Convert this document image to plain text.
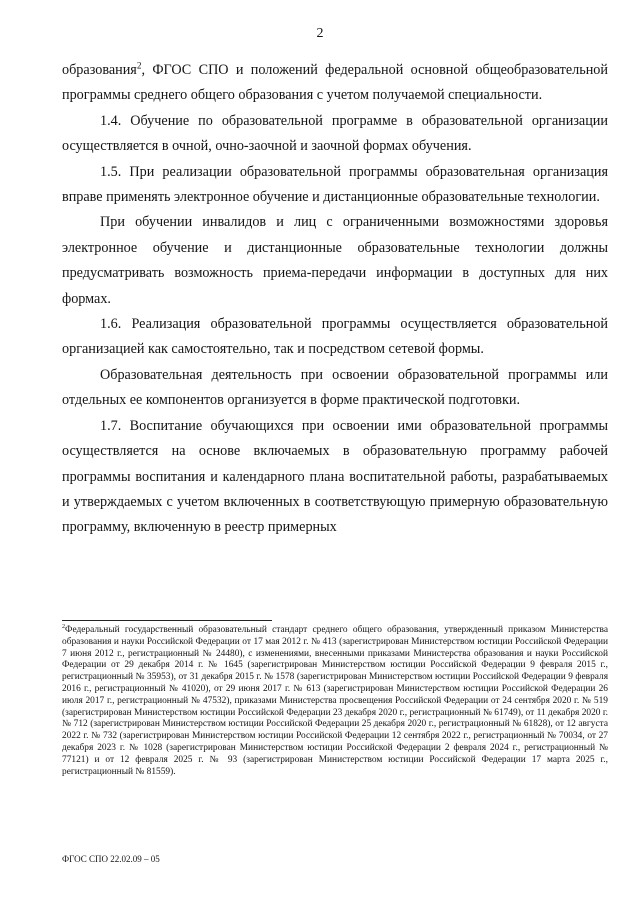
2

образования$^2$, ФГОС СПО и положений федеральной основной общеобразовательной программы среднего общего образования с учетом получаемой специальности.

1.4. Обучение по образовательной программе в образовательной организации осуществляется в очной, очно-заочной и заочной формах обучения.

1.5. При реализации образовательной программы образовательная организация вправе применять электронное обучение и дистанционные образовательные технологии.

При обучении инвалидов и лиц с ограниченными возможностями здоровья электронное обучение и дистанционные образовательные технологии должны предусматривать возможность приема-передачи информации в доступных для них формах.

1.6. Реализация образовательной программы осуществляется образовательной организацией как самостоятельно, так и посредством сетевой формы.

Образовательная деятельность при освоении образовательной программы или отдельных ее компонентов организуется в форме практической подготовки.

1.7. Воспитание обучающихся при освоении ими образовательной программы осуществляется на основе включаемых в образовательную программу рабочей программы воспитания и календарного плана воспитательной работы, разрабатываемых и утверждаемых с учетом включенных в соответствующую примерную образовательную программу, включенную в реестр примерных

$^2$Федеральный государственный образовательный стандарт среднего общего образования, утвержденный приказом Министерства образования и науки Российской Федерации от 17 мая 2012 г. № 413 (зарегистрирован Министерством юстиции Российской Федерации 7 июня 2012 г., регистрационный № 24480), с изменениями, внесенными приказами Министерства образования и науки Российской Федерации от 29 декабря 2014 г. № 1645 (зарегистрирован Министерством юстиции Российской Федерации 9 февраля 2015 г., регистрационный № 35953), от 31 декабря 2015 г. № 1578 (зарегистрирован Министерством юстиции Российской Федерации 9 февраля 2016 г., регистрационный № 41020), от 29 июня 2017 г. № 613 (зарегистрирован Министерством юстиции Российской Федерации 26 июля 2017 г., регистрационный № 47532), приказами Министерства просвещения Российской Федерации от 24 сентября 2020 г. № 519 (зарегистрирован Министерством юстиции Российской Федерации 23 декабря 2020 г., регистрационный № 61749), от 11 декабря 2020 г. № 712 (зарегистрирован Министерством юстиции Российской Федерации 25 декабря 2020 г., регистрационный № 61828), от 12 августа 2022 г. № 732 (зарегистрирован Министерством юстиции Российской Федерации 12 сентября 2022 г., регистрационный № 70034, от 27 декабря 2023 г. № 1028 (зарегистрирован Министерством юстиции Российской Федерации 2 февраля 2024 г., регистрационный № 77121) и от 12 февраля 2025 г. № 93 (зарегистрирован Министерством юстиции Российской Федерации 17 марта 2025 г., регистрационный № 81559).
ФГОС СПО 22.02.09 – 05
